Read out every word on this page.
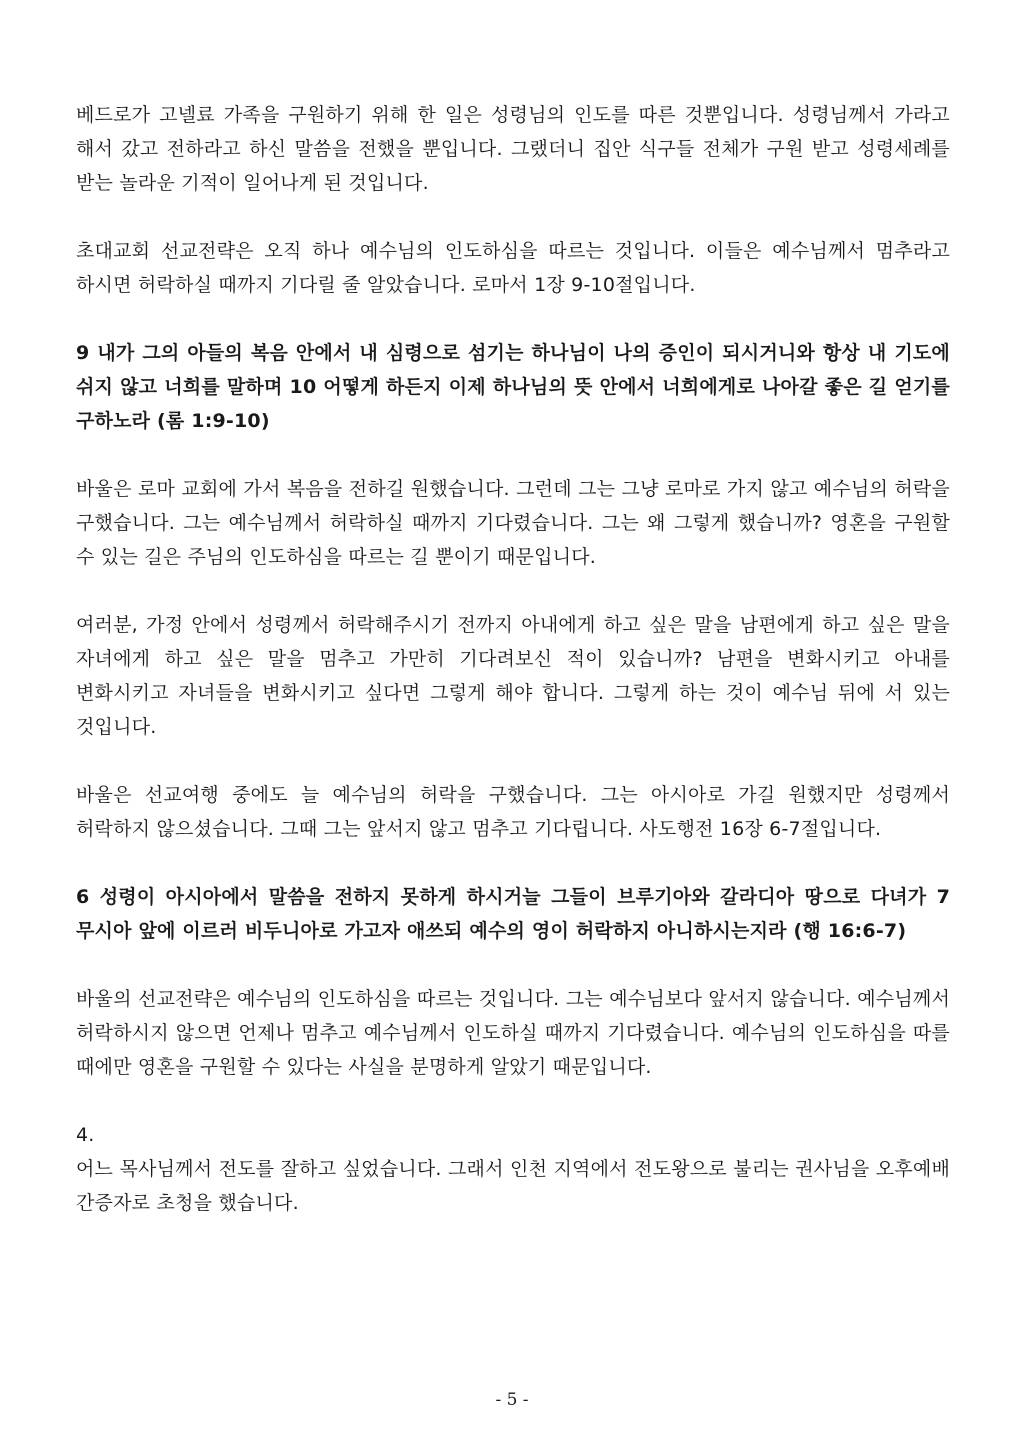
베드로가 고넬료 가족을 구원하기 위해 한 일은 성령님의 인도를 따른 것뿐입니다. 성령님께서 가라고 해서 갔고 전하라고 하신 말씀을 전했을 뿐입니다. 그랬더니 집안 식구들 전체가 구원 받고 성령세례를 받는 놀라운 기적이 일어나게 된 것입니다.

초대교회 선교전략은 오직 하나 예수님의 인도하심을 따르는 것입니다. 이들은 예수님께서 멈추라고 하시면 허락하실 때까지 기다릴 줄 알았습니다. 로마서 1장 9-10절입니다.

9 내가 그의 아들의 복음 안에서 내 심령으로 섬기는 하나님이 나의 증인이 되시거니와 항상 내 기도에 쉬지 않고 너희를 말하며 10 어떻게 하든지 이제 하나님의 뜻 안에서 너희에게로 나아갈 좋은 길 얻기를 구하노라 (롬 1:9-10)

바울은 로마 교회에 가서 복음을 전하길 원했습니다. 그런데 그는 그냥 로마로 가지 않고 예수님의 허락을 구했습니다. 그는 예수님께서 허락하실 때까지 기다렸습니다. 그는 왜 그렇게 했습니까? 영혼을 구원할 수 있는 길은 주님의 인도하심을 따르는 길 뿐이기 때문입니다.

여러분, 가정 안에서 성령께서 허락해주시기 전까지 아내에게 하고 싶은 말을 남편에게 하고 싶은 말을 자녀에게 하고 싶은 말을 멈추고 가만히 기다려보신 적이 있습니까? 남편을 변화시키고 아내를 변화시키고 자녀들을 변화시키고 싶다면 그렇게 해야 합니다. 그렇게 하는 것이 예수님 뒤에 서 있는 것입니다.

바울은 선교여행 중에도 늘 예수님의 허락을 구했습니다. 그는 아시아로 가길 원했지만 성령께서 허락하지 않으셨습니다. 그때 그는 앞서지 않고 멈추고 기다립니다. 사도행전 16장 6-7절입니다.

6 성령이 아시아에서 말씀을 전하지 못하게 하시거늘 그들이 브루기아와 갈라디아 땅으로 다녀가 7 무시아 앞에 이르러 비두니아로 가고자 애쓰되 예수의 영이 허락하지 아니하시는지라 (행 16:6-7)

바울의 선교전략은 예수님의 인도하심을 따르는 것입니다. 그는 예수님보다 앞서지 않습니다. 예수님께서 허락하시지 않으면 언제나 멈추고 예수님께서 인도하실 때까지 기다렸습니다. 예수님의 인도하심을 따를 때에만 영혼을 구원할 수 있다는 사실을 분명하게 알았기 때문입니다.

4.

어느 목사님께서 전도를 잘하고 싶었습니다. 그래서 인천 지역에서 전도왕으로 불리는 권사님을 오후예배 간증자로 초청을 했습니다.

- 5 -
